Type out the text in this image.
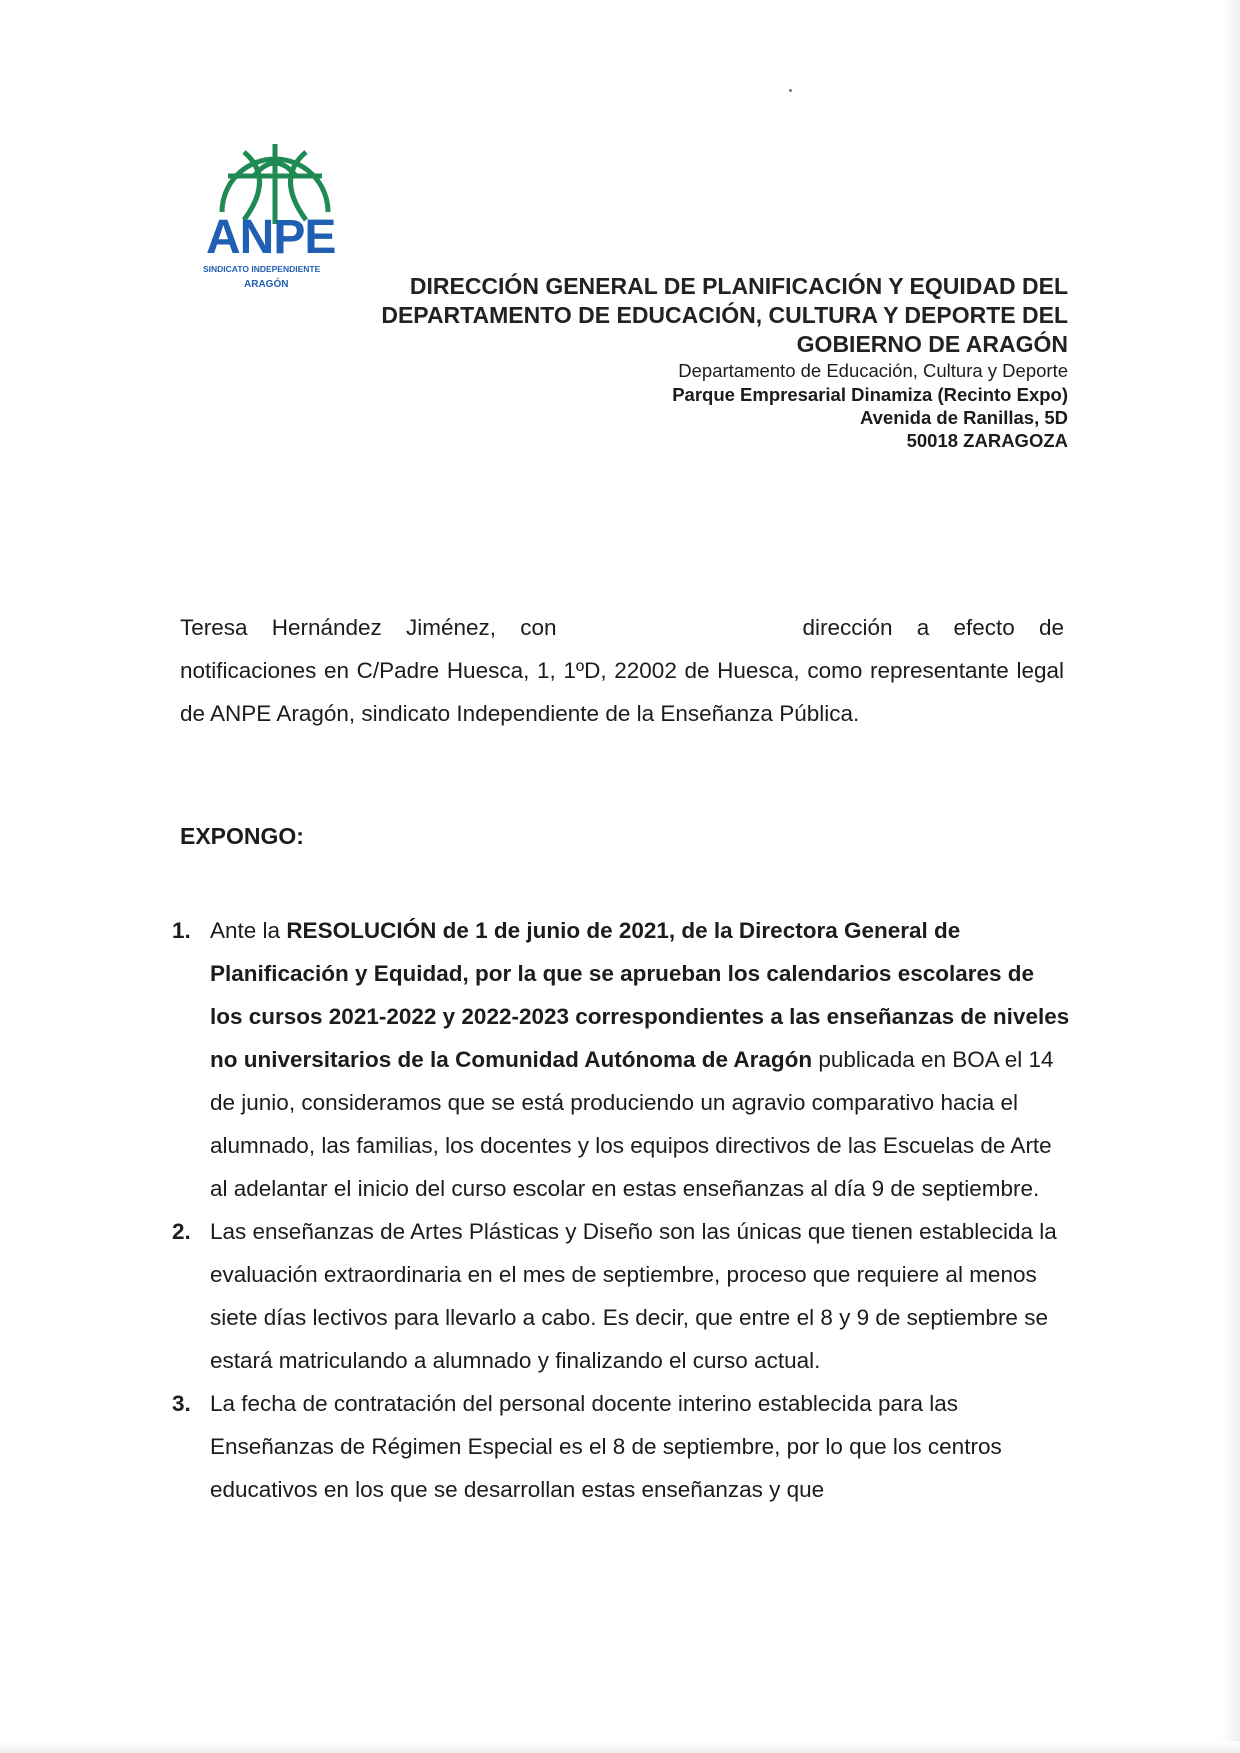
ANPE
SINDICATO INDEPENDIENTE
ARAGÓN	DIRECCIÓN GENERAL DE PLANIFICACIÓN Y EQUIDAD DEL
DEPARTAMENTO DE EDUCACIÓN, CULTURA Y DEPORTE DEL
GOBIERNO DE ARAGÓN
Departamento de Educación, Cultura y Deporte
Parque Empresarial Dinamiza (Recinto Expo)
Avenida de Ranillas, 5D
50018 ZARAGOZA

Teresa Hernández Jiménez, con	dirección a efecto de notificaciones en C/Padre Huesca, 1, 1ºD, 22002 de Huesca, como representante legal de ANPE Aragón, sindicato Independiente de la Enseñanza Pública.

EXPONGO:
1. Ante la RESOLUCIÓN de 1 de junio de 2021, de la Directora General de Planificación y Equidad, por la que se aprueban los calendarios escolares de los cursos 2021-2022 y 2022-2023 correspondientes a las enseñanzas de niveles no universitarios de la Comunidad Autónoma de Aragón publicada en BOA el 14 de junio, consideramos que se está produciendo un agravio comparativo hacia el alumnado, las familias, los docentes y los equipos directivos de las Escuelas de Arte al adelantar el inicio del curso escolar en estas enseñanzas al día 9 de septiembre.
2. Las enseñanzas de Artes Plásticas y Diseño son las únicas que tienen establecida la evaluación extraordinaria en el mes de septiembre, proceso que requiere al menos siete días lectivos para llevarlo a cabo. Es decir, que entre el 8 y 9 de septiembre se estará matriculando a alumnado y finalizando el curso actual.
3. La fecha de contratación del personal docente interino establecida para las Enseñanzas de Régimen Especial es el 8 de septiembre, por lo que los centros educativos en los que se desarrollan estas enseñanzas y que
